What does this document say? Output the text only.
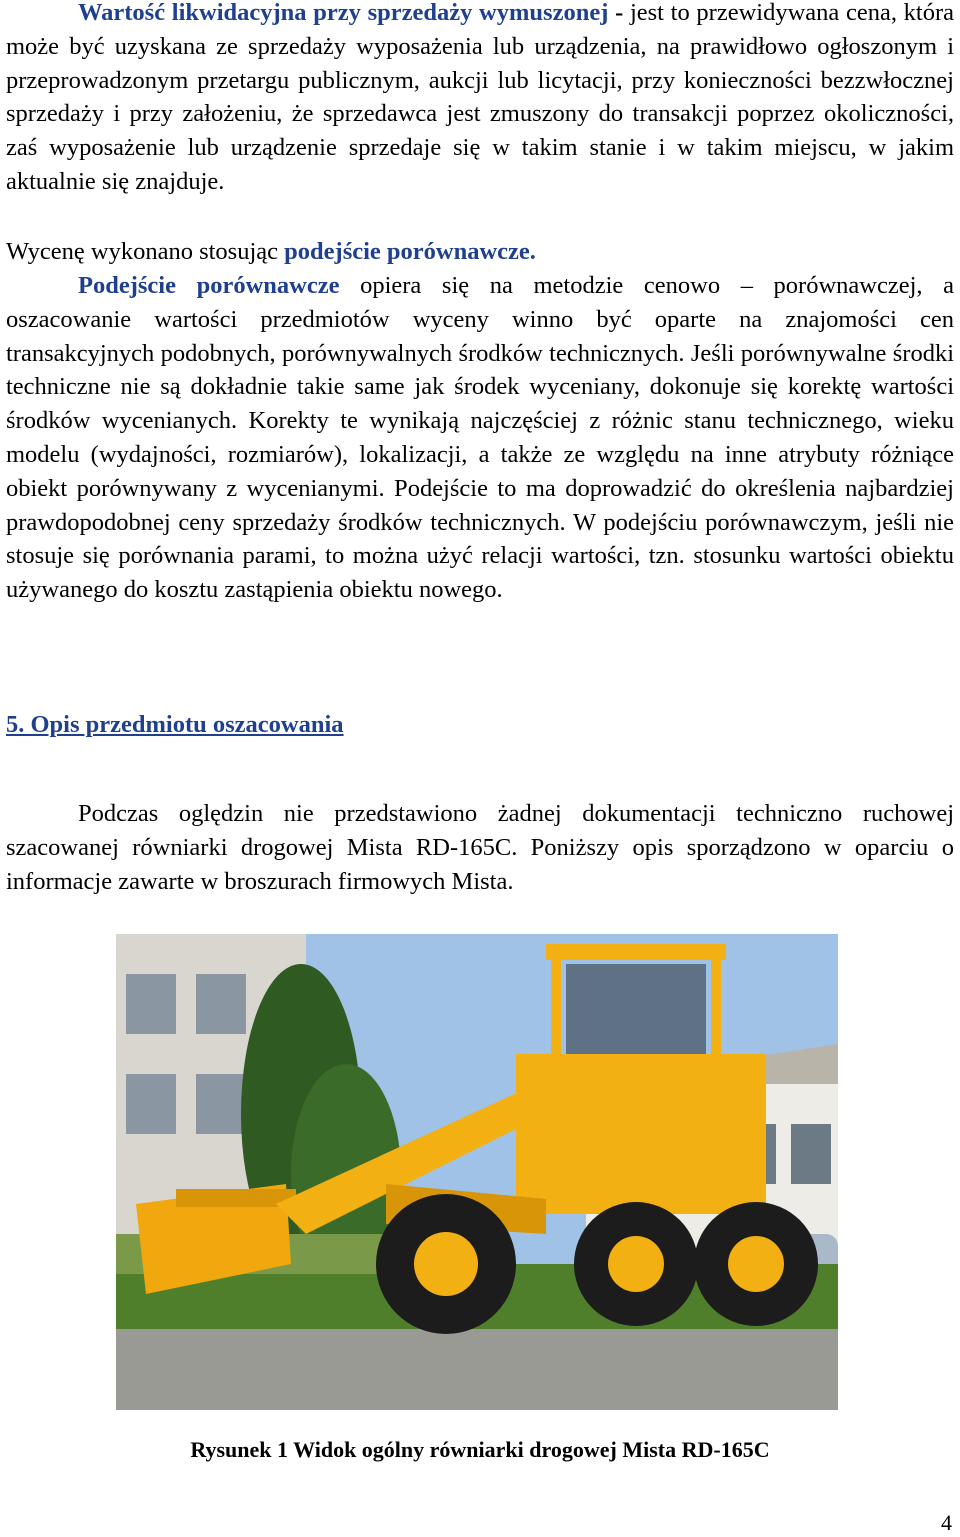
Wartość likwidacyjna przy sprzedaży wymuszonej - jest to przewidywana cena, która może być uzyskana ze sprzedaży wyposażenia lub urządzenia, na prawidłowo ogłoszonym i przeprowadzonym przetargu publicznym, aukcji lub licytacji, przy konieczności bezzwłocznej sprzedaży i przy założeniu, że sprzedawca jest zmuszony do transakcji poprzez okoliczności, zaś wyposażenie lub urządzenie sprzedaje się w takim stanie i w takim miejscu, w jakim aktualnie się znajduje.

Wycenę wykonano stosując podejście porównawcze.

Podejście porównawcze opiera się na metodzie cenowo – porównawczej, a oszacowanie wartości przedmiotów wyceny winno być oparte na znajomości cen transakcyjnych podobnych, porównywalnych środków technicznych. Jeśli porównywalne środki techniczne nie są dokładnie takie same jak środek wyceniany, dokonuje się korektę wartości środków wycenianych. Korekty te wynikają najczęściej z różnic stanu technicznego, wieku modelu (wydajności, rozmiarów), lokalizacji, a także ze względu na inne atrybuty różniące obiekt porównywany z wycenianymi. Podejście to ma doprowadzić do określenia najbardziej prawdopodobnej ceny sprzedaży środków technicznych. W podejściu porównawczym, jeśli nie stosuje się porównania parami, to można użyć relacji wartości, tzn. stosunku wartości obiektu używanego do kosztu zastąpienia obiektu nowego.

5. Opis przedmiotu oszacowania

Podczas oględzin nie przedstawiono żadnej dokumentacji techniczno ruchowej szacowanej równiarki drogowej Mista RD-165C. Poniższy opis sporządzono w oparciu o informacje zawarte w broszurach firmowych Mista.

Rysunek 1 Widok ogólny równiarki drogowej Mista RD-165C

4
